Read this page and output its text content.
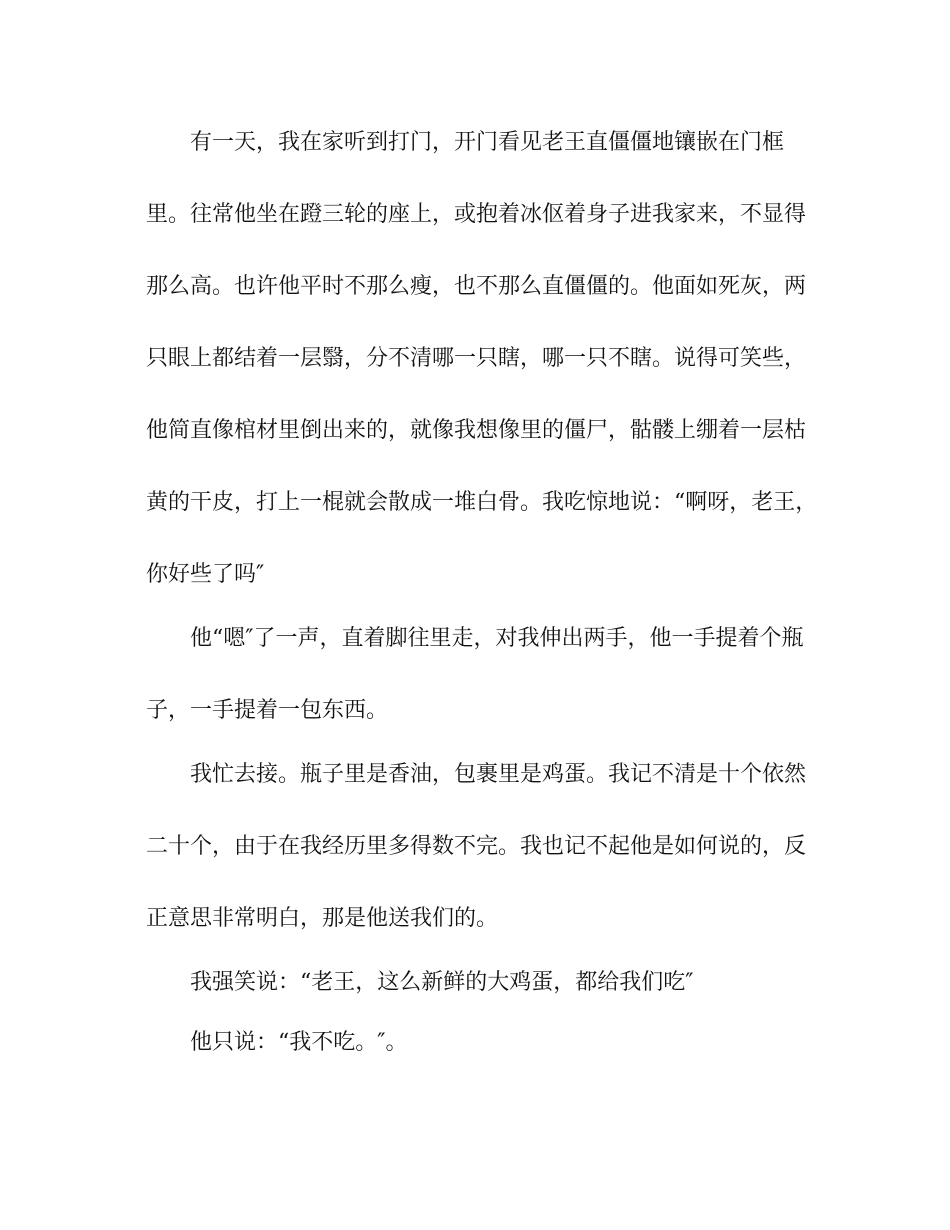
有一天，我在家听到打门，开门看见老王直僵僵地镶嵌在门框

里。往常他坐在蹬三轮的座上，或抱着冰伛着身子进我家来，不显得

那么高。也许他平时不那么瘦，也不那么直僵僵的。他面如死灰，两

只眼上都结着一层翳，分不清哪一只瞎，哪一只不瞎。说得可笑些，

他简直像棺材里倒出来的，就像我想像里的僵尸，骷髅上绷着一层枯

黄的干皮，打上一棍就会散成一堆白骨。我吃惊地说：“啊呀，老王，

你好些了吗″

他“嗯″了一声，直着脚往里走，对我伸出两手，他一手提着个瓶

子，一手提着一包东西。

我忙去接。瓶子里是香油，包裹里是鸡蛋。我记不清是十个依然

二十个，由于在我经历里多得数不完。我也记不起他是如何说的，反

正意思非常明白，那是他送我们的。

我强笑说：“老王，这么新鲜的大鸡蛋，都给我们吃″

他只说：“我不吃。″。
